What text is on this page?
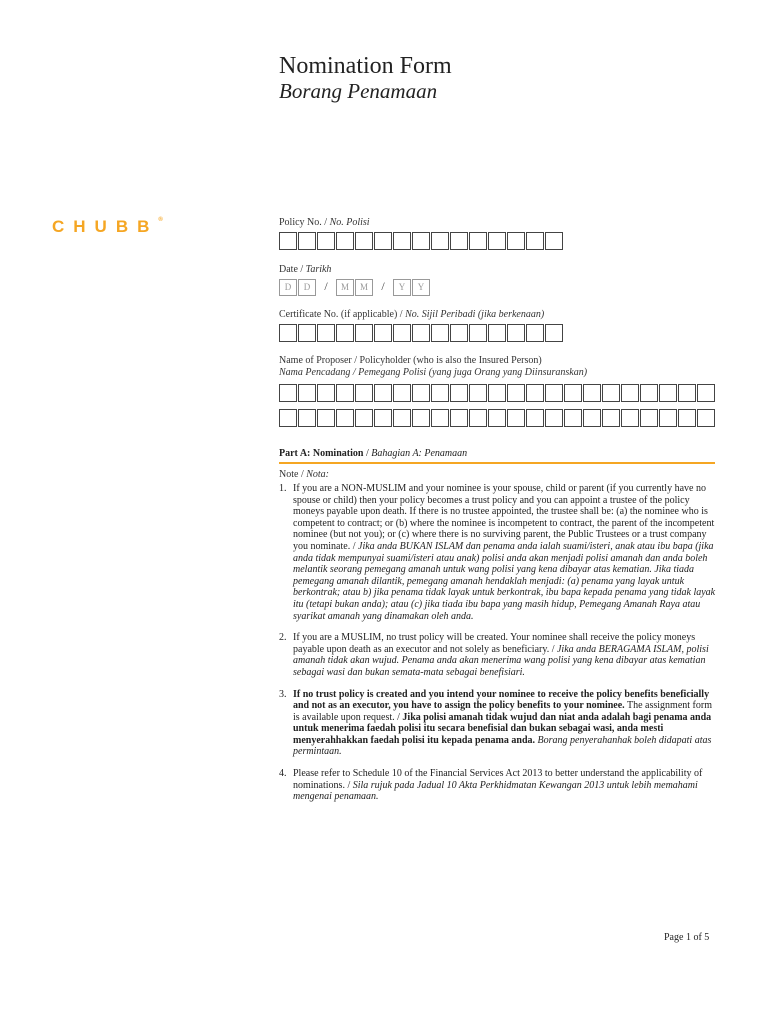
Nomination Form
Borang Penamaan
CHUBB®	Policy No. / No. Polisi
Date / Tarikh
D	D	/	M	M	/	Y	Y
Certificate No. (if applicable) / No. Sijil Peribadi (jika berkenaan)
Name of Proposer / Policyholder (who is also the Insured Person)
Nama Pencadang / Pemegang Polisi (yang juga Orang yang Diinsuranskan)
Part A: Nomination / Bahagian A: Penamaan
Note / Nota:
1. If you are a NON-MUSLIM and your nominee is your spouse, child or parent (if you currently have no spouse or child) then your policy becomes a trust policy and you can appoint a trustee of the policy moneys payable upon death. If there is no trustee appointed, the trustee shall be: (a) the nominee who is competent to contract; or (b) where the nominee is incompetent to contract, the parent of the incompetent nominee (but not you); or (c) where there is no surviving parent, the Public Trustees or a trust company you nominate. / Jika anda BUKAN ISLAM dan penama anda ialah suami/isteri, anak atau ibu bapa (jika anda tidak mempunyai suami/isteri atau anak) polisi anda akan menjadi polisi amanah dan anda boleh melantik seorang pemegang amanah untuk wang polisi yang kena dibayar atas kematian. Jika tiada pemegang amanah dilantik, pemegang amanah hendaklah menjadi: (a) penama yang layak untuk berkontrak; atau b) jika penama tidak layak untuk berkontrak, ibu bapa kepada penama yang tidak layak itu (tetapi bukan anda); atau (c) jika tiada ibu bapa yang masih hidup, Pemegang Amanah Raya atau syarikat amanah yang dinamakan oleh anda.
2. If you are a MUSLIM, no trust policy will be created. Your nominee shall receive the policy moneys payable upon death as an executor and not solely as beneficiary. / Jika anda BERAGAMA ISLAM, polisi amanah tidak akan wujud. Penama anda akan menerima wang polisi yang kena dibayar atas kematian sebagai wasi dan bukan semata-mata sebagai benefisiari.
3. If no trust policy is created and you intend your nominee to receive the policy benefits beneficially and not as an executor, you have to assign the policy benefits to your nominee. The assignment form is available upon request. / Jika polisi amanah tidak wujud dan niat anda adalah bagi penama anda untuk menerima faedah polisi itu secara benefisial dan bukan sebagai wasi, anda mesti menyerahhakkan faedah polisi itu kepada penama anda. Borang penyerahanhak boleh didapati atas permintaan.
4. Please refer to Schedule 10 of the Financial Services Act 2013 to better understand the applicability of nominations. / Sila rujuk pada Jadual 10 Akta Perkhidmatan Kewangan 2013 untuk lebih memahami mengenai penamaan.
Page 1 of 5
